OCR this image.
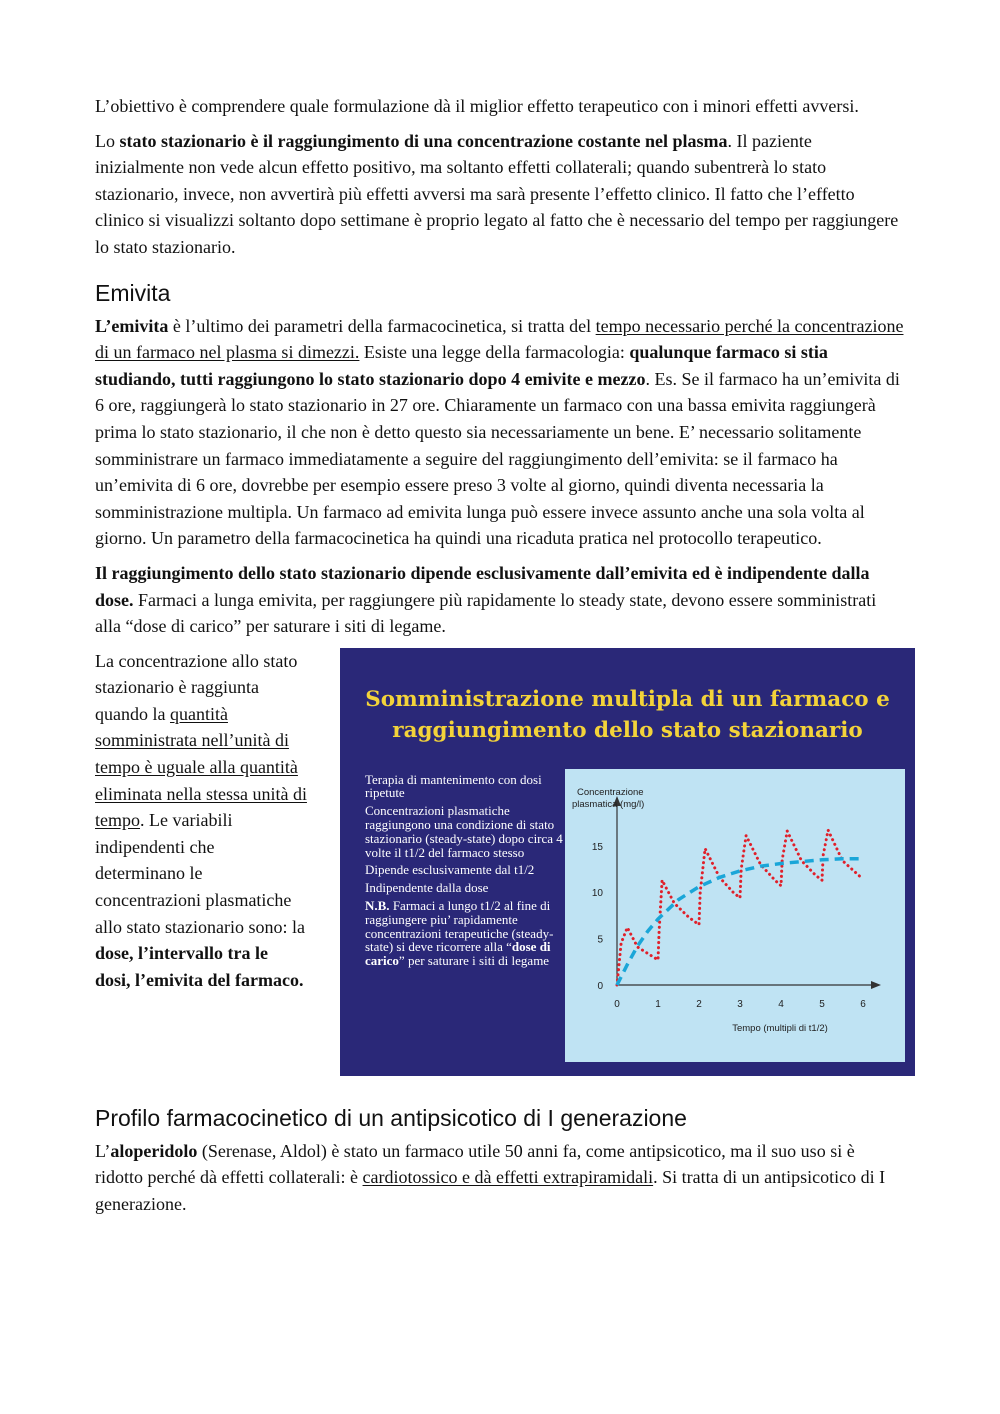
L’obiettivo è comprendere quale formulazione dà il miglior effetto terapeutico con i minori effetti avversi.

Lo stato stazionario è il raggiungimento di una concentrazione costante nel plasma. Il paziente inizialmente non vede alcun effetto positivo, ma soltanto effetti collaterali; quando subentrerà lo stato stazionario, invece, non avvertirà più effetti avversi ma sarà presente l’effetto clinico. Il fatto che l’effetto clinico si visualizzi soltanto dopo settimane è proprio legato al fatto che è necessario del tempo per raggiungere lo stato stazionario.

Emivita

L’emivita è l’ultimo dei parametri della farmacocinetica, si tratta del tempo necessario perché la concentrazione di un farmaco nel plasma si dimezzi. Esiste una legge della farmacologia: qualunque farmaco si stia studiando, tutti raggiungono lo stato stazionario dopo 4 emivite e mezzo. Es. Se il farmaco ha un’emivita di 6 ore, raggiungerà lo stato stazionario in 27 ore. Chiaramente un farmaco con una bassa emivita raggiungerà prima lo stato stazionario, il che non è detto questo sia necessariamente un bene. E’ necessario solitamente somministrare un farmaco immediatamente a seguire del raggiungimento dell’emivita: se il farmaco ha un’emivita di 6 ore, dovrebbe per esempio essere preso 3 volte al giorno, quindi diventa necessaria la somministrazione multipla. Un farmaco ad emivita lunga può essere invece assunto anche una sola volta al giorno. Un parametro della farmacocinetica ha quindi una ricaduta pratica nel protocollo terapeutico.

Il raggiungimento dello stato stazionario dipende esclusivamente dall’emivita ed è indipendente dalla dose. Farmaci a lunga emivita, per raggiungere più rapidamente lo steady state, devono essere somministrati alla “dose di carico” per saturare i siti di legame.

La concentrazione allo stato stazionario è raggiunta quando la quantità somministrata nell’unità di tempo è uguale alla quantità eliminata nella stessa unità di tempo. Le variabili indipendenti che determinano le concentrazioni plasmatiche allo stato stazionario sono: la dose, l’intervallo tra le dosi, l’emivita del farmaco.

Somministrazione multipla di un farmaco e
raggiungimento dello stato stazionario
Terapia di mantenimento con dosi ripetute
Concentrazioni plasmatiche raggiungono una condizione di stato stazionario (steady-state) dopo circa 4 volte il t1/2 del farmaco stesso
Dipende esclusivamente dal t1/2
Indipendente dalla dose
N.B. Farmaci a lungo t1/2 al fine di raggiungere piu’ rapidamente concentrazioni terapeutiche (steady-state) si deve ricorrere alla “dose di carico” per saturare i siti di legame
0	1	2	3	4	5	6
0
5
10
15
Concentrazione
plasmatica (mg/l)
Tempo (multipli di t1/2)
Profilo farmacocinetico di un antipsicotico di I generazione

L’aloperidolo (Serenase, Aldol) è stato un farmaco utile 50 anni fa, come antipsicotico, ma il suo uso si è ridotto perché dà effetti collaterali: è cardiotossico e dà effetti extrapiramidali. Si tratta di un antipsicotico di I generazione.
